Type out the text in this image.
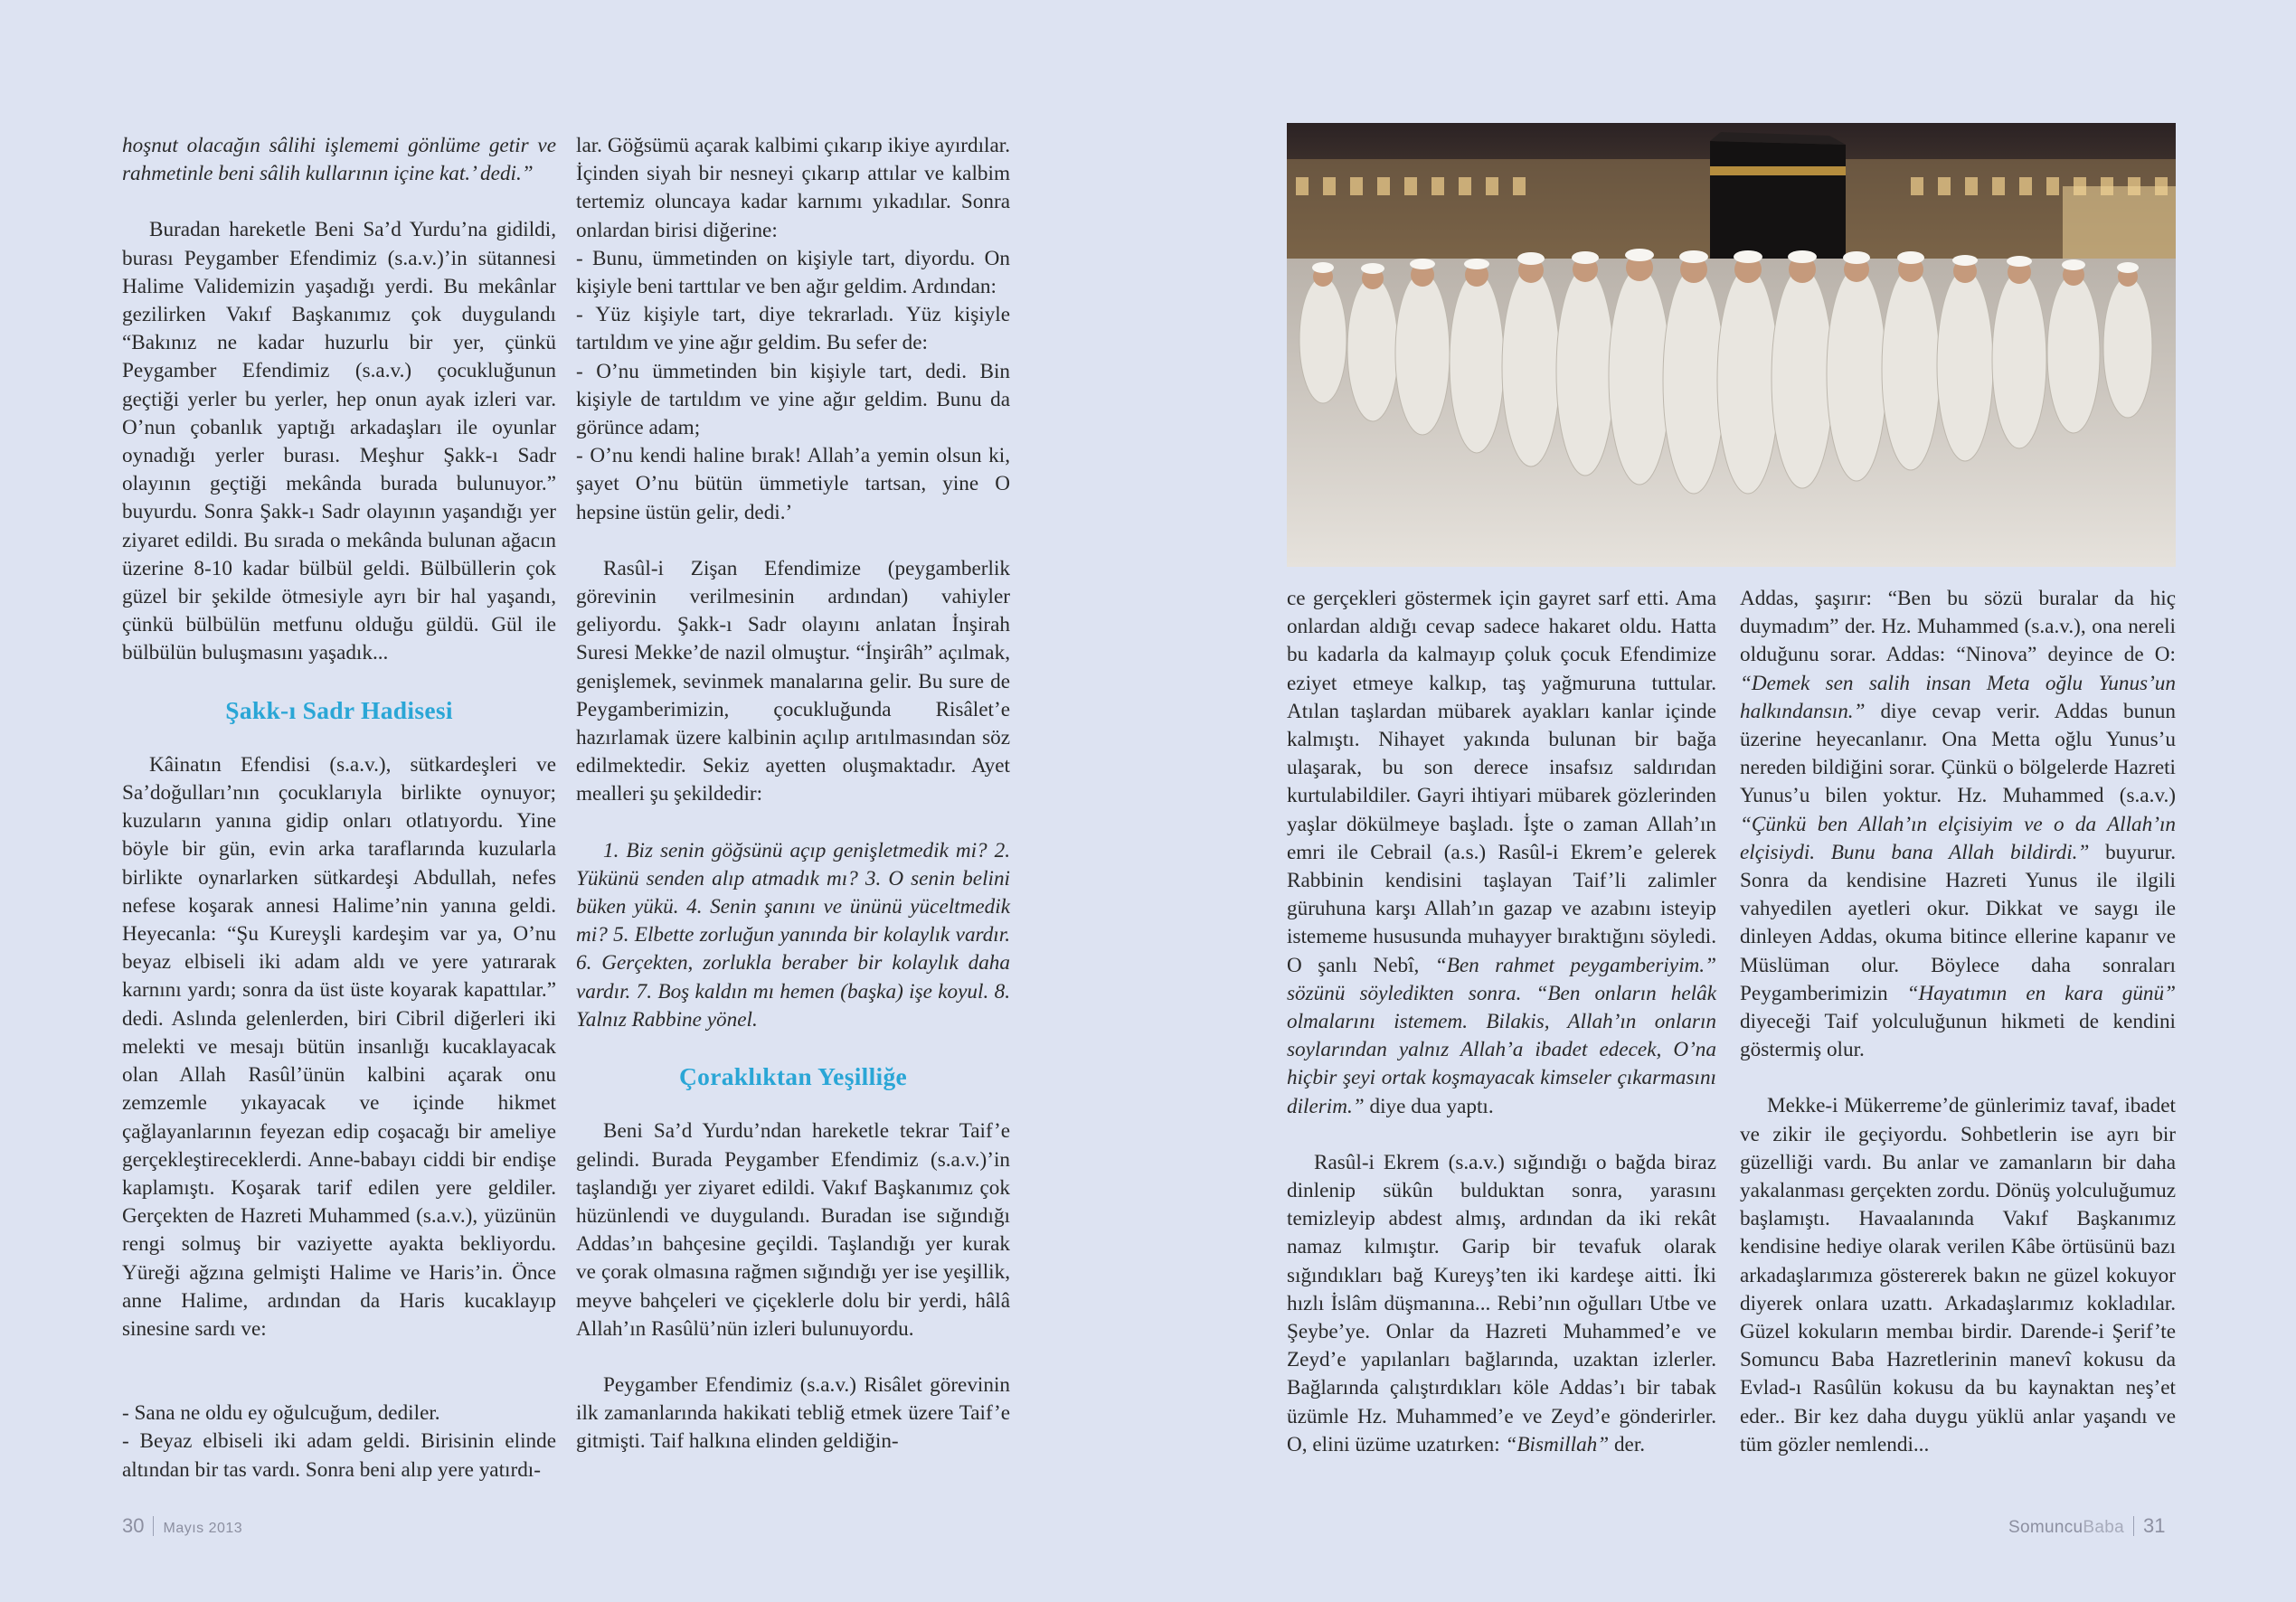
hoşnut olacağın sâlihi işlememi gönlüme getir ve rahmetinle beni sâlih kullarının içine kat.’ dedi.”

Buradan hareketle Beni Sa’d Yurdu’na gidildi, burası Peygamber Efendimiz (s.a.v.)’in sütannesi Halime Validemizin yaşadığı yerdi. Bu mekânlar gezilirken Vakıf Başkanımız çok duygulandı “Bakınız ne kadar huzurlu bir yer, çünkü Peygamber Efendimiz (s.a.v.) çocukluğunun geçtiği yerler bu yerler, hep onun ayak izleri var. O’nun çobanlık yaptığı arkadaşları ile oyunlar oynadığı yerler burası. Meşhur Şakk-ı Sadr olayının geçtiği mekânda burada bulunuyor.” buyurdu. Sonra Şakk-ı Sadr olayının yaşandığı yer ziyaret edildi. Bu sırada o mekânda bulunan ağacın üzerine 8-10 kadar bülbül geldi. Bülbüllerin çok güzel bir şekilde ötmesiyle ayrı bir hal yaşandı, çünkü bülbülün metfunu olduğu güldü. Gül ile bülbülün buluşmasını yaşadık...

Şakk-ı Sadr Hadisesi

Kâinatın Efendisi (s.a.v.), sütkardeşleri ve Sa’doğulları’nın çocuklarıyla birlikte oynuyor; kuzuların yanına gidip onları otlatıyordu. Yine böyle bir gün, evin arka taraflarında kuzularla birlikte oynarlarken sütkardeşi Abdullah, nefes nefese koşarak annesi Halime’nin yanına geldi. Heyecanla: “Şu Kureyşli kardeşim var ya, O’nu beyaz elbiseli iki adam aldı ve yere yatırarak karnını yardı; sonra da üst üste koyarak kapattılar.” dedi. Aslında gelenlerden, biri Cibril diğerleri iki melekti ve mesajı bütün insanlığı kucaklayacak olan Allah Rasûl’ünün kalbini açarak onu zemzemle yıkayacak ve içinde hikmet çağlayanlarının feyezan edip coşacağı bir ameliye gerçekleştireceklerdi. Anne-babayı ciddi bir endişe kaplamıştı. Koşarak tarif edilen yere geldiler. Gerçekten de Hazreti Muhammed (s.a.v.), yüzünün rengi solmuş bir vaziyette ayakta bekliyordu. Yüreği ağzına gelmişti Halime ve Haris’in. Önce anne Halime, ardından da Haris kucaklayıp sinesine sardı ve:

- Sana ne oldu ey oğulcuğum, dediler.

- Beyaz elbiseli iki adam geldi. Birisinin elinde altından bir tas vardı. Sonra beni alıp yere yatırdı-

lar. Göğsümü açarak kalbimi çıkarıp ikiye ayırdılar. İçinden siyah bir nesneyi çıkarıp attılar ve kalbim tertemiz oluncaya kadar karnımı yıkadılar. Sonra onlardan birisi diğerine:

- Bunu, ümmetinden on kişiyle tart, diyordu. On kişiyle beni tarttılar ve ben ağır geldim. Ardından:

- Yüz kişiyle tart, diye tekrarladı. Yüz kişiyle tartıldım ve yine ağır geldim. Bu sefer de:

- O’nu ümmetinden bin kişiyle tart, dedi. Bin kişiyle de tartıldım ve yine ağır geldim. Bunu da görünce adam;

- O’nu kendi haline bırak! Allah’a yemin olsun ki, şayet O’nu bütün ümmetiyle tartsan, yine O hepsine üstün gelir, dedi.’

Rasûl-i Zişan Efendimize (peygamberlik görevinin verilmesinin ardından) vahiyler geliyordu. Şakk-ı Sadr olayını anlatan İnşirah Suresi Mekke’de nazil olmuştur. “İnşirâh” açılmak, genişlemek, sevinmek manalarına gelir. Bu sure de Peygamberimizin, çocukluğunda Risâlet’e hazırlamak üzere kalbinin açılıp arıtılmasından söz edilmektedir. Sekiz ayetten oluşmaktadır. Ayet mealleri şu şekildedir:

1. Biz senin göğsünü açıp genişletmedik mi? 2. Yükünü senden alıp atmadık mı? 3. O senin belini büken yükü. 4. Senin şanını ve ününü yüceltmedik mi? 5. Elbette zorluğun yanında bir kolaylık vardır. 6. Gerçekten, zorlukla beraber bir kolaylık daha vardır. 7. Boş kaldın mı hemen (başka) işe koyul. 8. Yalnız Rabbine yönel.

Çoraklıktan Yeşilliğe

Beni Sa’d Yurdu’ndan hareketle tekrar Taif’e gelindi. Burada Peygamber Efendimiz (s.a.v.)’in taşlandığı yer ziyaret edildi. Vakıf Başkanımız çok hüzünlendi ve duygulandı. Buradan ise sığındığı Addas’ın bahçesine geçildi. Taşlandığı yer kurak ve çorak olmasına rağmen sığındığı yer ise yeşillik, meyve bahçeleri ve çiçeklerle dolu bir yerdi, hâlâ Allah’ın Rasûlü’nün izleri bulunuyordu.

Peygamber Efendimiz (s.a.v.) Risâlet görevinin ilk zamanlarında hakikati tebliğ etmek üzere Taif’e gitmişti. Taif halkına elinden geldiğin-

30 Mayıs 2013

ce gerçekleri göstermek için gayret sarf etti. Ama onlardan aldığı cevap sadece hakaret oldu. Hatta bu kadarla da kalmayıp çoluk çocuk Efendimize eziyet etmeye kalkıp, taş yağmuruna tuttular. Atılan taşlardan mübarek ayakları kanlar içinde kalmıştı. Nihayet yakında bulunan bir bağa ulaşarak, bu son derece insafsız saldırıdan kurtulabildiler. Gayri ihtiyari mübarek gözlerinden yaşlar dökülmeye başladı. İşte o zaman Allah’ın emri ile Cebrail (a.s.) Rasûl-i Ekrem’e gelerek Rabbinin kendisini taşlayan Taif’li zalimler güruhuna karşı Allah’ın gazap ve azabını isteyip istememe hususunda muhayyer bıraktığını söyledi. O şanlı Nebî, “Ben rahmet peygamberiyim.” sözünü söyledikten sonra. “Ben onların helâk olmalarını istemem. Bilakis, Allah’ın onların soylarından yalnız Allah’a ibadet edecek, O’na hiçbir şeyi ortak koşmayacak kimseler çıkarmasını dilerim.” diye dua yaptı.

Rasûl-i Ekrem (s.a.v.) sığındığı o bağda biraz dinlenip sükûn bulduktan sonra, yarasını temizleyip abdest almış, ardından da iki rekât namaz kılmıştır. Garip bir tevafuk olarak sığındıkları bağ Kureyş’ten iki kardeşe aitti. İki hızlı İslâm düşmanına... Rebi’nın oğulları Utbe ve Şeybe’ye. Onlar da Hazreti Muhammed’e ve Zeyd’e yapılanları bağlarında, uzaktan izlerler. Bağlarında çalıştırdıkları köle Addas’ı bir tabak üzümle Hz. Muhammed’e ve Zeyd’e gönderirler. O, elini üzüme uzatırken: “Bismillah” der.

Addas, şaşırır: “Ben bu sözü buralar da hiç duymadım” der. Hz. Muhammed (s.a.v.), ona nereli olduğunu sorar. Addas: “Ninova” deyince de O: “Demek sen salih insan Meta oğlu Yunus’un halkındansın.” diye cevap verir. Addas bunun üzerine heyecanlanır. Ona Metta oğlu Yunus’u nereden bildiğini sorar. Çünkü o bölgelerde Hazreti Yunus’u bilen yoktur. Hz. Muhammed (s.a.v.) “Çünkü ben Allah’ın elçisiyim ve o da Allah’ın elçisiydi. Bunu bana Allah bildirdi.” buyurur. Sonra da kendisine Hazreti Yunus ile ilgili vahyedilen ayetleri okur. Dikkat ve saygı ile dinleyen Addas, okuma bitince ellerine kapanır ve Müslüman olur. Böylece daha sonraları Peygamberimizin “Hayatımın en kara günü” diyeceği Taif yolculuğunun hikmeti de kendini göstermiş olur.

Mekke-i Mükerreme’de günlerimiz tavaf, ibadet ve zikir ile geçiyordu. Sohbetlerin ise ayrı bir güzelliği vardı. Bu anlar ve zamanların bir daha yakalanması gerçekten zordu. Dönüş yolculuğumuz başlamıştı. Havaalanında Vakıf Başkanımız kendisine hediye olarak verilen Kâbe örtüsünü bazı arkadaşlarımıza göstererek bakın ne güzel kokuyor diyerek onlara uzattı. Arkadaşlarımız kokladılar. Güzel kokuların membaı birdir. Darende-i Şerif’te Somuncu Baba Hazretlerinin manevî kokusu da Evlad-ı Rasûlün kokusu da bu kaynaktan neş’et eder.. Bir kez daha duygu yüklü anlar yaşandı ve tüm gözler nemlendi...

SomuncuBaba 31
